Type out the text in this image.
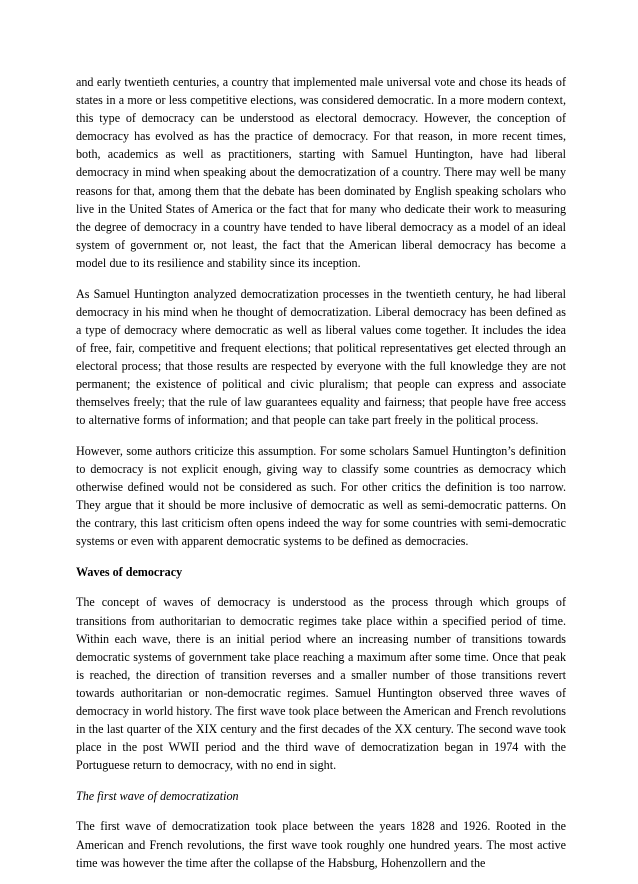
and early twentieth centuries, a country that implemented male universal vote and chose its heads of states in a more or less competitive elections, was considered democratic. In a more modern context, this type of democracy can be understood as electoral democracy. However, the conception of democracy has evolved as has the practice of democracy. For that reason, in more recent times, both, academics as well as practitioners, starting with Samuel Huntington, have had liberal democracy in mind when speaking about the democratization of a country. There may well be many reasons for that, among them that the debate has been dominated by English speaking scholars who live in the United States of America or the fact that for many who dedicate their work to measuring the degree of democracy in a country have tended to have liberal democracy as a model of an ideal system of government or, not least, the fact that the American liberal democracy has become a model due to its resilience and stability since its inception.

As Samuel Huntington analyzed democratization processes in the twentieth century, he had liberal democracy in his mind when he thought of democratization. Liberal democracy has been defined as a type of democracy where democratic as well as liberal values come together. It includes the idea of free, fair, competitive and frequent elections; that political representatives get elected through an electoral process; that those results are respected by everyone with the full knowledge they are not permanent; the existence of political and civic pluralism; that people can express and associate themselves freely; that the rule of law guarantees equality and fairness; that people have free access to alternative forms of information; and that people can take part freely in the political process.

However, some authors criticize this assumption. For some scholars Samuel Huntington’s definition to democracy is not explicit enough, giving way to classify some countries as democracy which otherwise defined would not be considered as such. For other critics the definition is too narrow. They argue that it should be more inclusive of democratic as well as semi-democratic patterns. On the contrary, this last criticism often opens indeed the way for some countries with semi-democratic systems or even with apparent democratic systems to be defined as democracies.

Waves of democracy

The concept of waves of democracy is understood as the process through which groups of transitions from authoritarian to democratic regimes take place within a specified period of time. Within each wave, there is an initial period where an increasing number of transitions towards democratic systems of government take place reaching a maximum after some time. Once that peak is reached, the direction of transition reverses and a smaller number of those transitions revert towards authoritarian or non-democratic regimes. Samuel Huntington observed three waves of democracy in world history. The first wave took place between the American and French revolutions in the last quarter of the XIX century and the first decades of the XX century. The second wave took place in the post WWII period and the third wave of democratization began in 1974 with the Portuguese return to democracy, with no end in sight.

The first wave of democratization

The first wave of democratization took place between the years 1828 and 1926. Rooted in the American and French revolutions, the first wave took roughly one hundred years. The most active time was however the time after the collapse of the Habsburg, Hohenzollern and the
